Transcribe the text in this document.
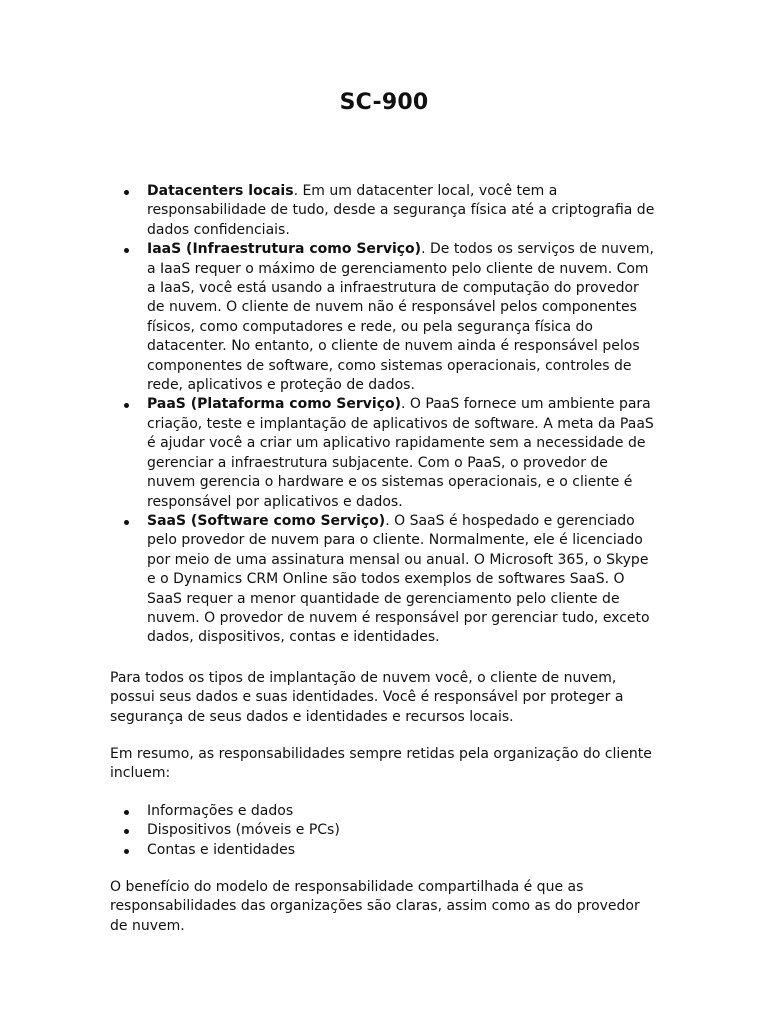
SC-900
Datacenters locais. Em um datacenter local, você tem a responsabilidade de tudo, desde a segurança física até a criptografia de dados confidenciais.
IaaS (Infraestrutura como Serviço). De todos os serviços de nuvem, a IaaS requer o máximo de gerenciamento pelo cliente de nuvem. Com a IaaS, você está usando a infraestrutura de computação do provedor de nuvem. O cliente de nuvem não é responsável pelos componentes físicos, como computadores e rede, ou pela segurança física do datacenter. No entanto, o cliente de nuvem ainda é responsável pelos componentes de software, como sistemas operacionais, controles de rede, aplicativos e proteção de dados.
PaaS (Plataforma como Serviço). O PaaS fornece um ambiente para criação, teste e implantação de aplicativos de software. A meta da PaaS é ajudar você a criar um aplicativo rapidamente sem a necessidade de gerenciar a infraestrutura subjacente. Com o PaaS, o provedor de nuvem gerencia o hardware e os sistemas operacionais, e o cliente é responsável por aplicativos e dados.
SaaS (Software como Serviço). O SaaS é hospedado e gerenciado pelo provedor de nuvem para o cliente. Normalmente, ele é licenciado por meio de uma assinatura mensal ou anual. O Microsoft 365, o Skype e o Dynamics CRM Online são todos exemplos de softwares SaaS. O SaaS requer a menor quantidade de gerenciamento pelo cliente de nuvem. O provedor de nuvem é responsável por gerenciar tudo, exceto dados, dispositivos, contas e identidades.

Para todos os tipos de implantação de nuvem você, o cliente de nuvem, possui seus dados e suas identidades. Você é responsável por proteger a segurança de seus dados e identidades e recursos locais.

Em resumo, as responsabilidades sempre retidas pela organização do cliente incluem:

Informações e dados
Dispositivos (móveis e PCs)
Contas e identidades

O benefício do modelo de responsabilidade compartilhada é que as responsabilidades das organizações são claras, assim como as do provedor de nuvem.
